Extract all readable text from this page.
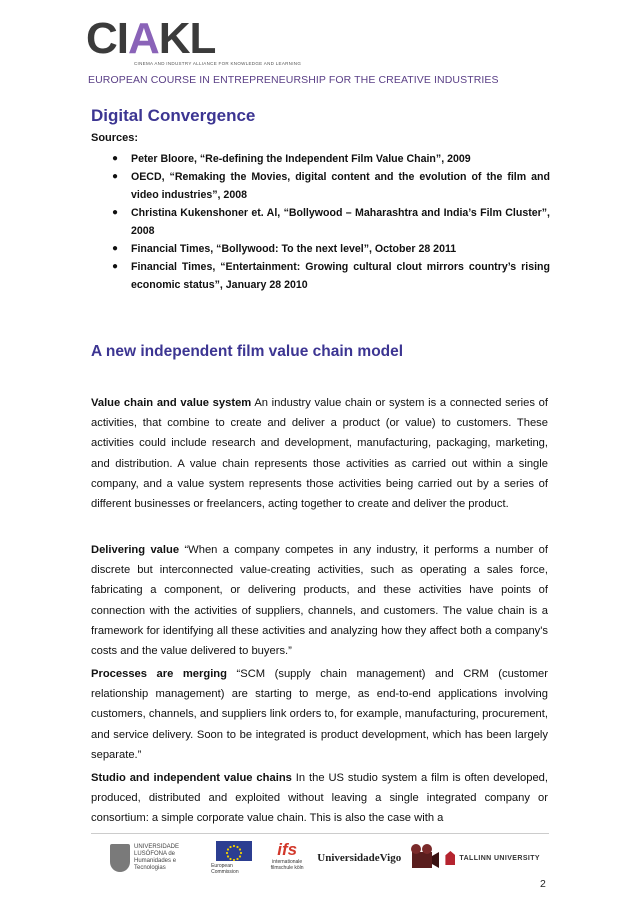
CIAKL
CINEMA AND INDUSTRY ALLIANCE FOR KNOWLEDGE AND LEARNING
EUROPEAN COURSE IN ENTREPRENEURSHIP FOR THE CREATIVE INDUSTRIES
Digital Convergence
Sources:
● Peter Bloore, “Re-defining the Independent Film Value Chain”, 2009
● OECD, “Remaking the Movies, digital content and the evolution of the film and video industries”, 2008
● Christina Kukenshoner et. Al, “Bollywood – Maharashtra and India’s Film Cluster”, 2008
● Financial Times, “Bollywood: To the next level”, October 28 2011
● Financial Times, “Entertainment: Growing cultural clout mirrors country’s rising economic status”, January 28 2010
A new independent film value chain model

Value chain and value system An industry value chain or system is a connected series of activities, that combine to create and deliver a product (or value) to customers. These activities could include research and development, manufacturing, packaging, marketing, and distribution. A value chain represents those activities as carried out within a single company, and a value system represents those activities being carried out by a series of different businesses or freelancers, acting together to create and deliver the product.

Delivering value “When a company competes in any industry, it performs a number of discrete but interconnected value-creating activities, such as operating a sales force, fabricating a component, or delivering products, and these activities have points of connection with the activities of suppliers, channels, and customers. The value chain is a framework for identifying all these activities and analyzing how they affect both a company's costs and the value delivered to buyers.”

Processes are merging “SCM (supply chain management) and CRM (customer relationship management) are starting to merge, as end-to-end applications involving customers, channels, and suppliers link orders to, for example, manufacturing, procurement, and service delivery. Soon to be integrated is product development, which has been largely separate.”

Studio and independent value chains In the US studio system a film is often developed, produced, distributed and exploited without leaving a single integrated company or consortium: a simple corporate value chain. This is also the case with a

UNIVERSIDADE LUSÓFONA de Humanidades e Tecnologias	European Commission
ifs
internationale filmschule köln
UniversidadeVigo	TALLINN UNIVERSITY
2
